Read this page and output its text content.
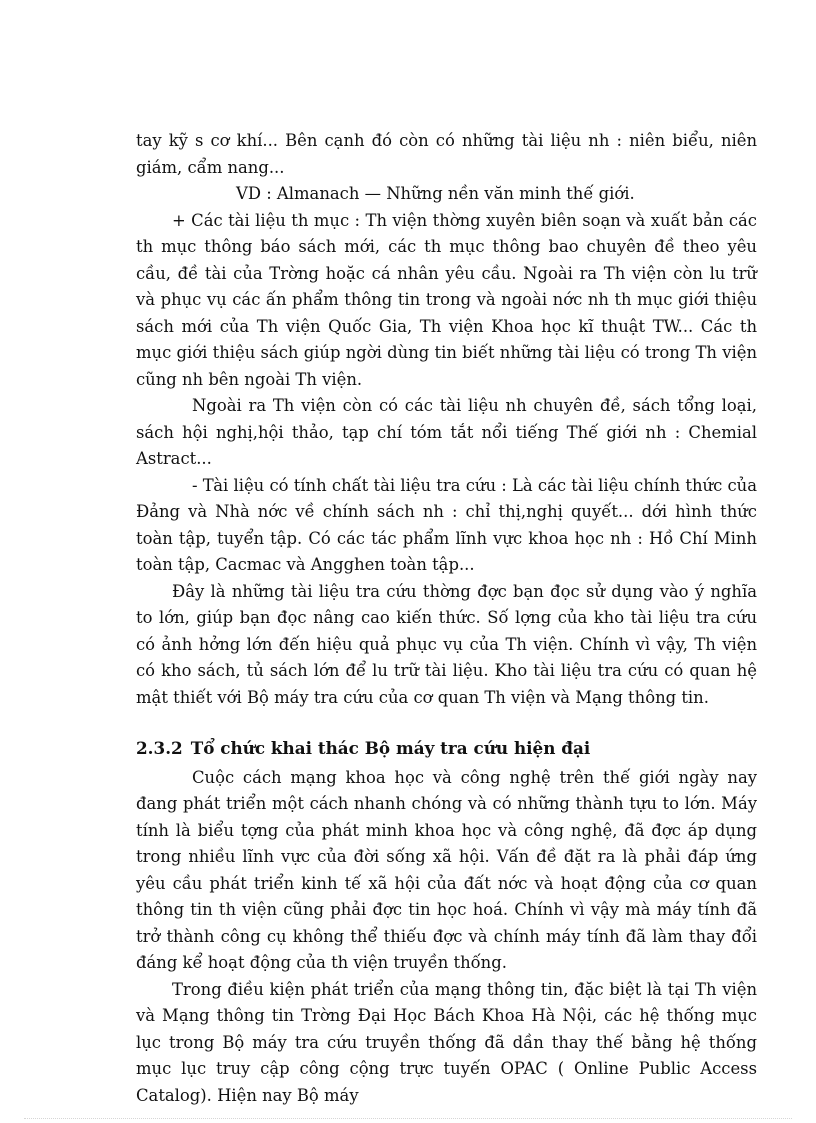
tay kỹ s cơ khí... Bên cạnh đó còn có những tài liệu nh : niên biểu, niên giám, cẩm nang...

VD : Almanach — Những nền văn minh thế giới.

+ Các tài liệu th mục : Th viện thờng xuyên biên soạn và xuất bản các th mục thông báo sách mới, các th mục thông bao chuyên đề theo yêu cầu, đề tài của Trờng hoặc cá nhân yêu cầu. Ngoài ra Th viện còn lu trữ và phục vụ các ấn phẩm thông tin trong và ngoài nớc nh th mục giới thiệu sách mới của Th viện Quốc Gia, Th viện Khoa học kĩ thuật TW... Các th mục giới thiệu sách giúp ngời dùng tin biết những tài liệu có trong Th viện cũng nh bên ngoài Th viện.

Ngoài ra Th viện còn có các tài liệu nh chuyên đề, sách tổng loại, sách hội nghị,hội thảo, tạp chí tóm tắt nổi tiếng Thế giới nh : Chemial Astract...

- Tài liệu có tính chất tài liệu tra cứu : Là các tài liệu chính thức của Đảng và Nhà nớc về chính sách nh : chỉ thị,nghị quyết... dới hình thức toàn tập, tuyển tập. Có các tác phẩm lĩnh vực khoa học nh : Hồ Chí Minh toàn tập, Cacmac và Angghen toàn tập...

Đây là những tài liệu tra cứu thờng đợc bạn đọc sử dụng vào ý nghĩa to lớn, giúp bạn đọc nâng cao kiến thức. Số lợng của kho tài liệu tra cứu có ảnh hởng lớn đến hiệu quả phục vụ của Th viện. Chính vì vậy, Th viện có kho sách, tủ sách lớn để lu trữ tài liệu. Kho tài liệu tra cứu có quan hệ mật thiết với Bộ máy tra cứu của cơ quan Th viện và Mạng thông tin.

2.3.2 Tổ chức khai thác Bộ máy tra cứu hiện đại

Cuộc cách mạng khoa học và công nghệ trên thế giới ngày nay đang phát triển một cách nhanh chóng và có những thành tựu to lớn. Máy tính là biểu tợng của phát minh khoa học và công nghệ, đã đợc áp dụng trong nhiều lĩnh vực của đời sống xã hội. Vấn đề đặt ra là phải đáp ứng yêu cầu phát triển kinh tế xã hội của đất nớc và hoạt động của cơ quan thông tin th viện cũng phải đợc tin học hoá. Chính vì vậy mà máy tính đã trở thành công cụ không thể thiếu đợc và chính máy tính đã làm thay đổi đáng kể hoạt động của th viện truyền thống.

Trong điều kiện phát triển của mạng thông tin, đặc biệt là tại Th viện và Mạng thông tin Trờng Đại Học Bách Khoa Hà Nội, các hệ thống mục lục trong Bộ máy tra cứu truyền thống đã dần thay thế bằng hệ thống mục lục truy cập công cộng trực tuyến OPAC ( Online Public Access Catalog). Hiện nay Bộ máy
